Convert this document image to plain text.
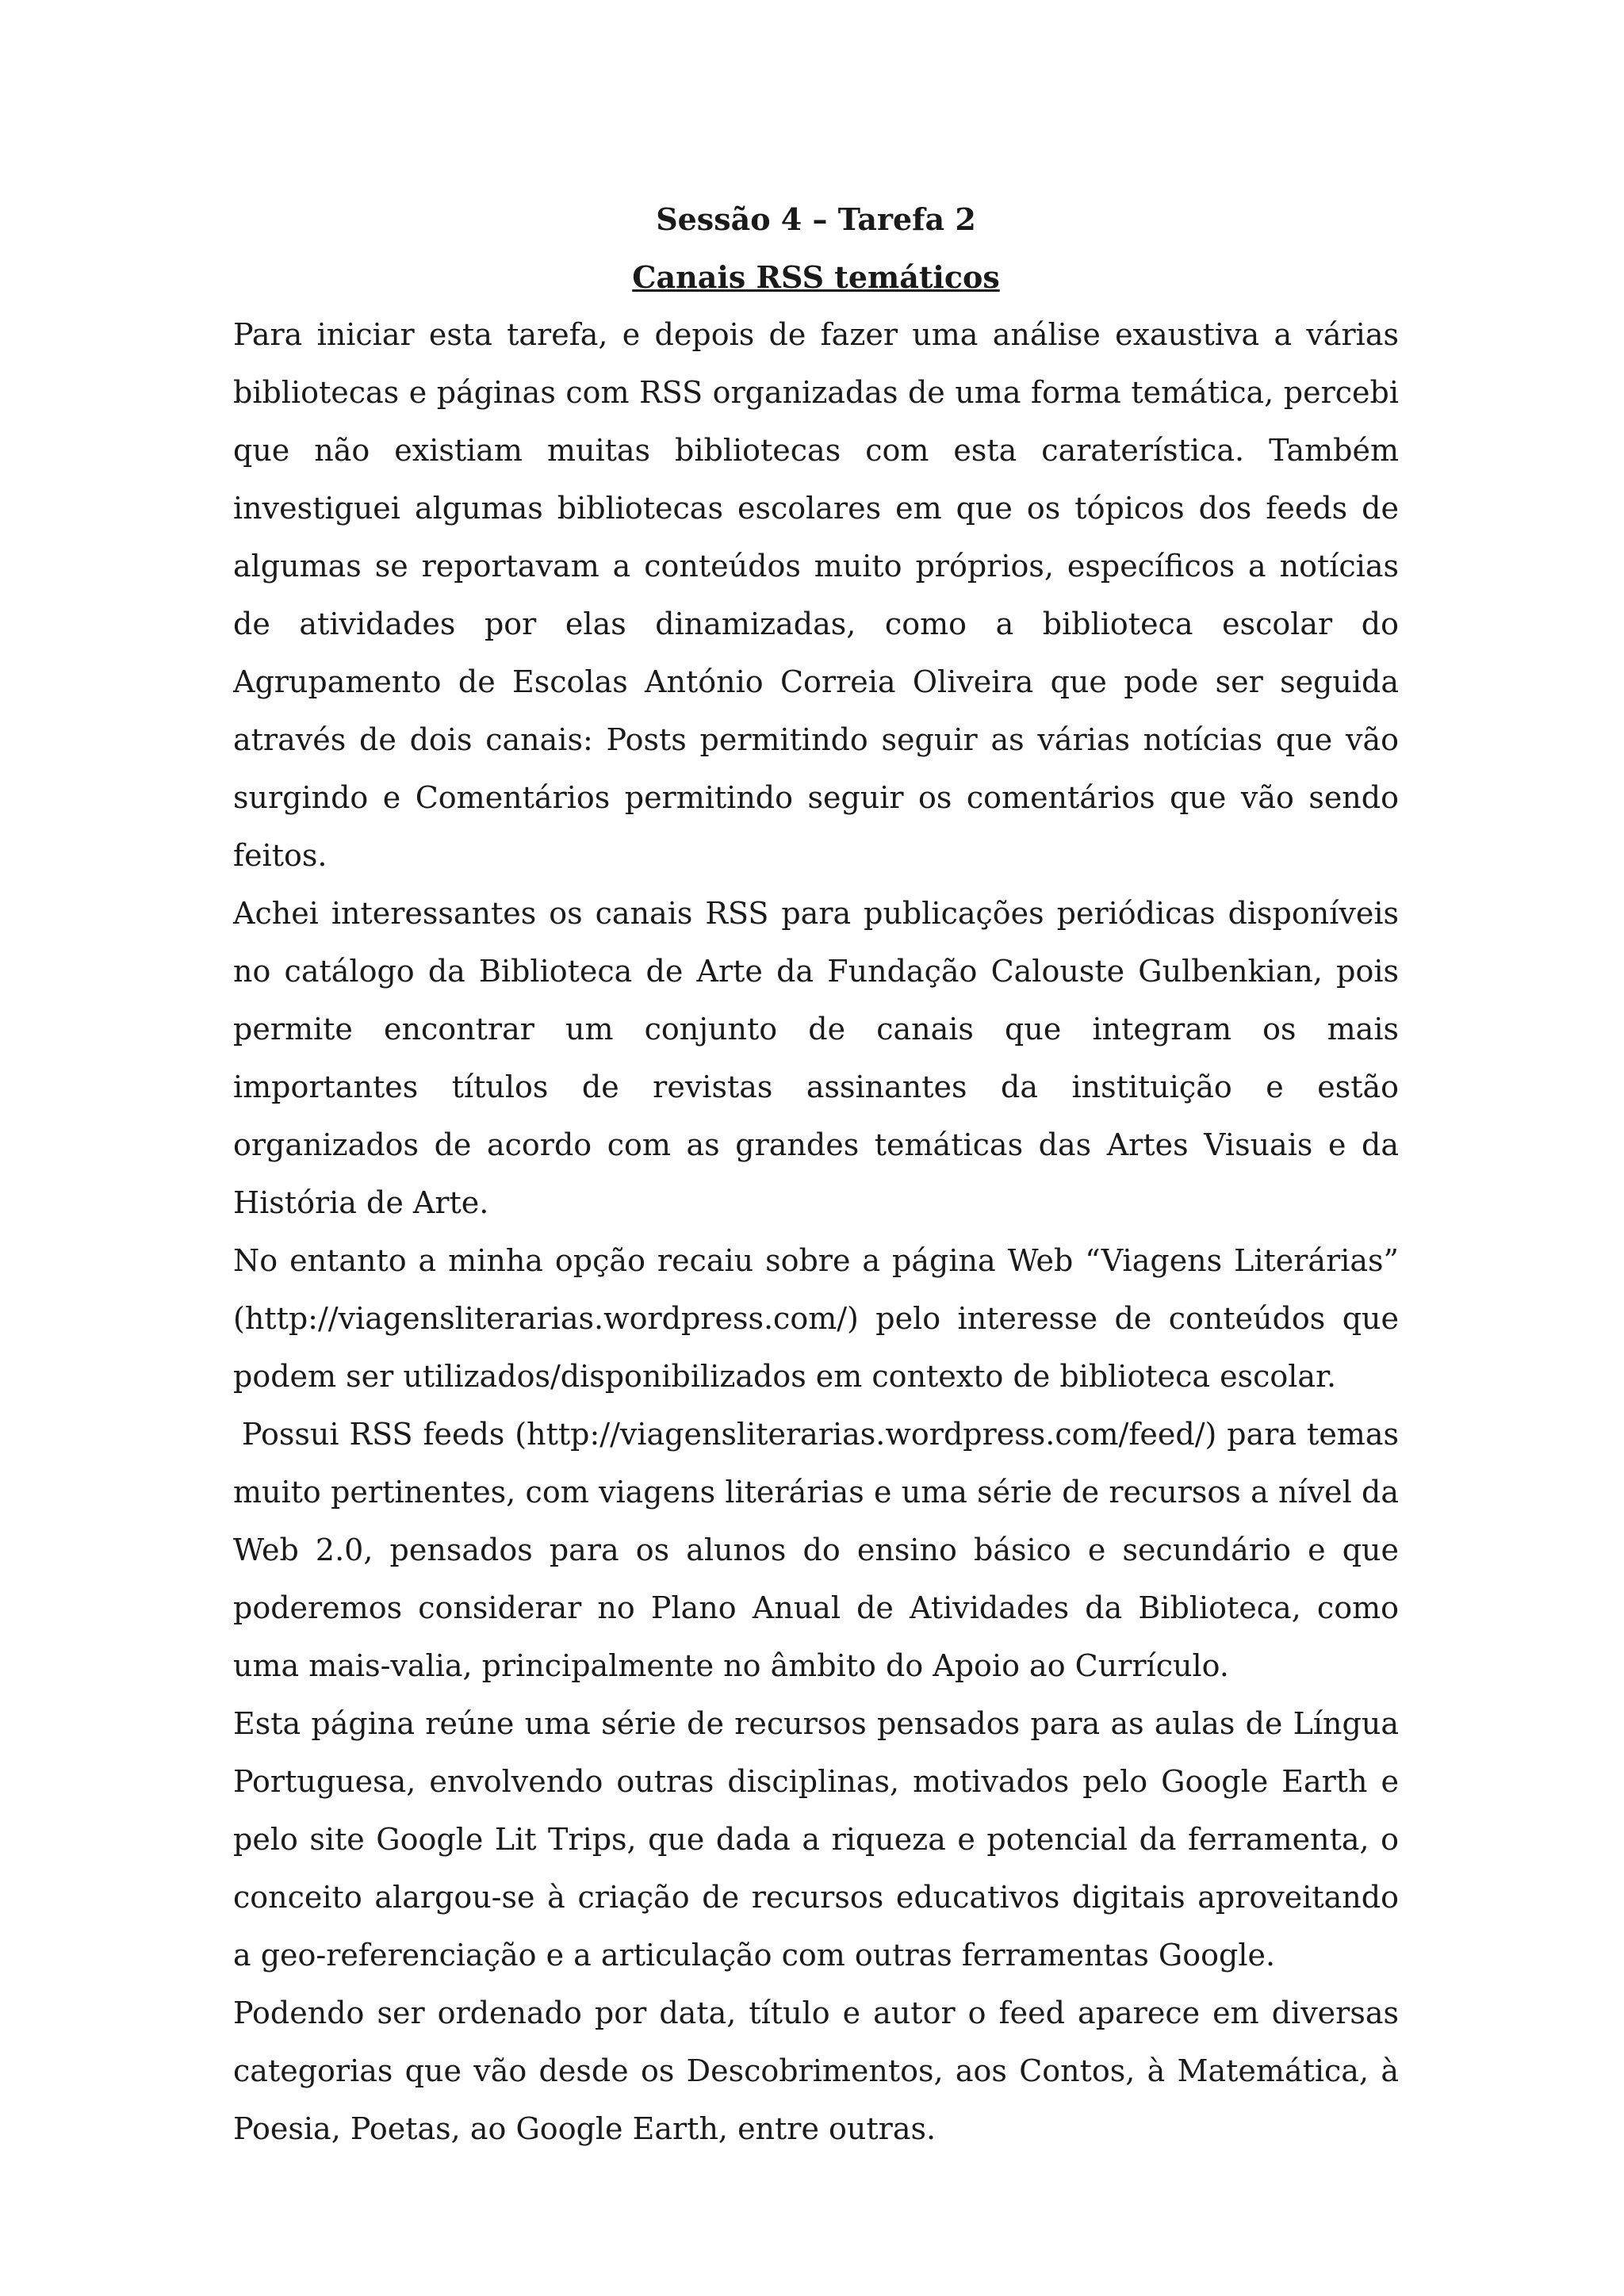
Sessão 4 – Tarefa 2

Canais RSS temáticos

Para iniciar esta tarefa, e depois de fazer uma análise exaustiva a várias bibliotecas e páginas com RSS organizadas de uma forma temática, percebi que não existiam muitas bibliotecas com esta caraterística. Também investiguei algumas bibliotecas escolares em que os tópicos dos feeds de algumas se reportavam a conteúdos muito próprios, específicos a notícias de atividades por elas dinamizadas, como a biblioteca escolar do Agrupamento de Escolas António Correia Oliveira que pode ser seguida através de dois canais: Posts permitindo seguir as várias notícias que vão surgindo e Comentários permitindo seguir os comentários que vão sendo feitos.

Achei interessantes os canais RSS para publicações periódicas disponíveis no catálogo da Biblioteca de Arte da Fundação Calouste Gulbenkian, pois permite encontrar um conjunto de canais que integram os mais importantes títulos de revistas assinantes da instituição e estão organizados de acordo com as grandes temáticas das Artes Visuais e da História de Arte.

No entanto a minha opção recaiu sobre a página Web “Viagens Literárias” (http://viagensliterarias.wordpress.com/) pelo interesse de conteúdos que podem ser utilizados/disponibilizados em contexto de biblioteca escolar.

Possui RSS feeds (http://viagensliterarias.wordpress.com/feed/) para temas muito pertinentes, com viagens literárias e uma série de recursos a nível da Web 2.0, pensados para os alunos do ensino básico e secundário e que poderemos considerar no Plano Anual de Atividades da Biblioteca, como uma mais-valia, principalmente no âmbito do Apoio ao Currículo.

Esta página reúne uma série de recursos pensados para as aulas de Língua Portuguesa, envolvendo outras disciplinas, motivados pelo Google Earth e pelo site Google Lit Trips, que dada a riqueza e potencial da ferramenta, o conceito alargou-se à criação de recursos educativos digitais aproveitando a geo-referenciação e a articulação com outras ferramentas Google.

Podendo ser ordenado por data, título e autor o feed aparece em diversas categorias que vão desde os Descobrimentos, aos Contos, à Matemática, à Poesia, Poetas, ao Google Earth, entre outras.
